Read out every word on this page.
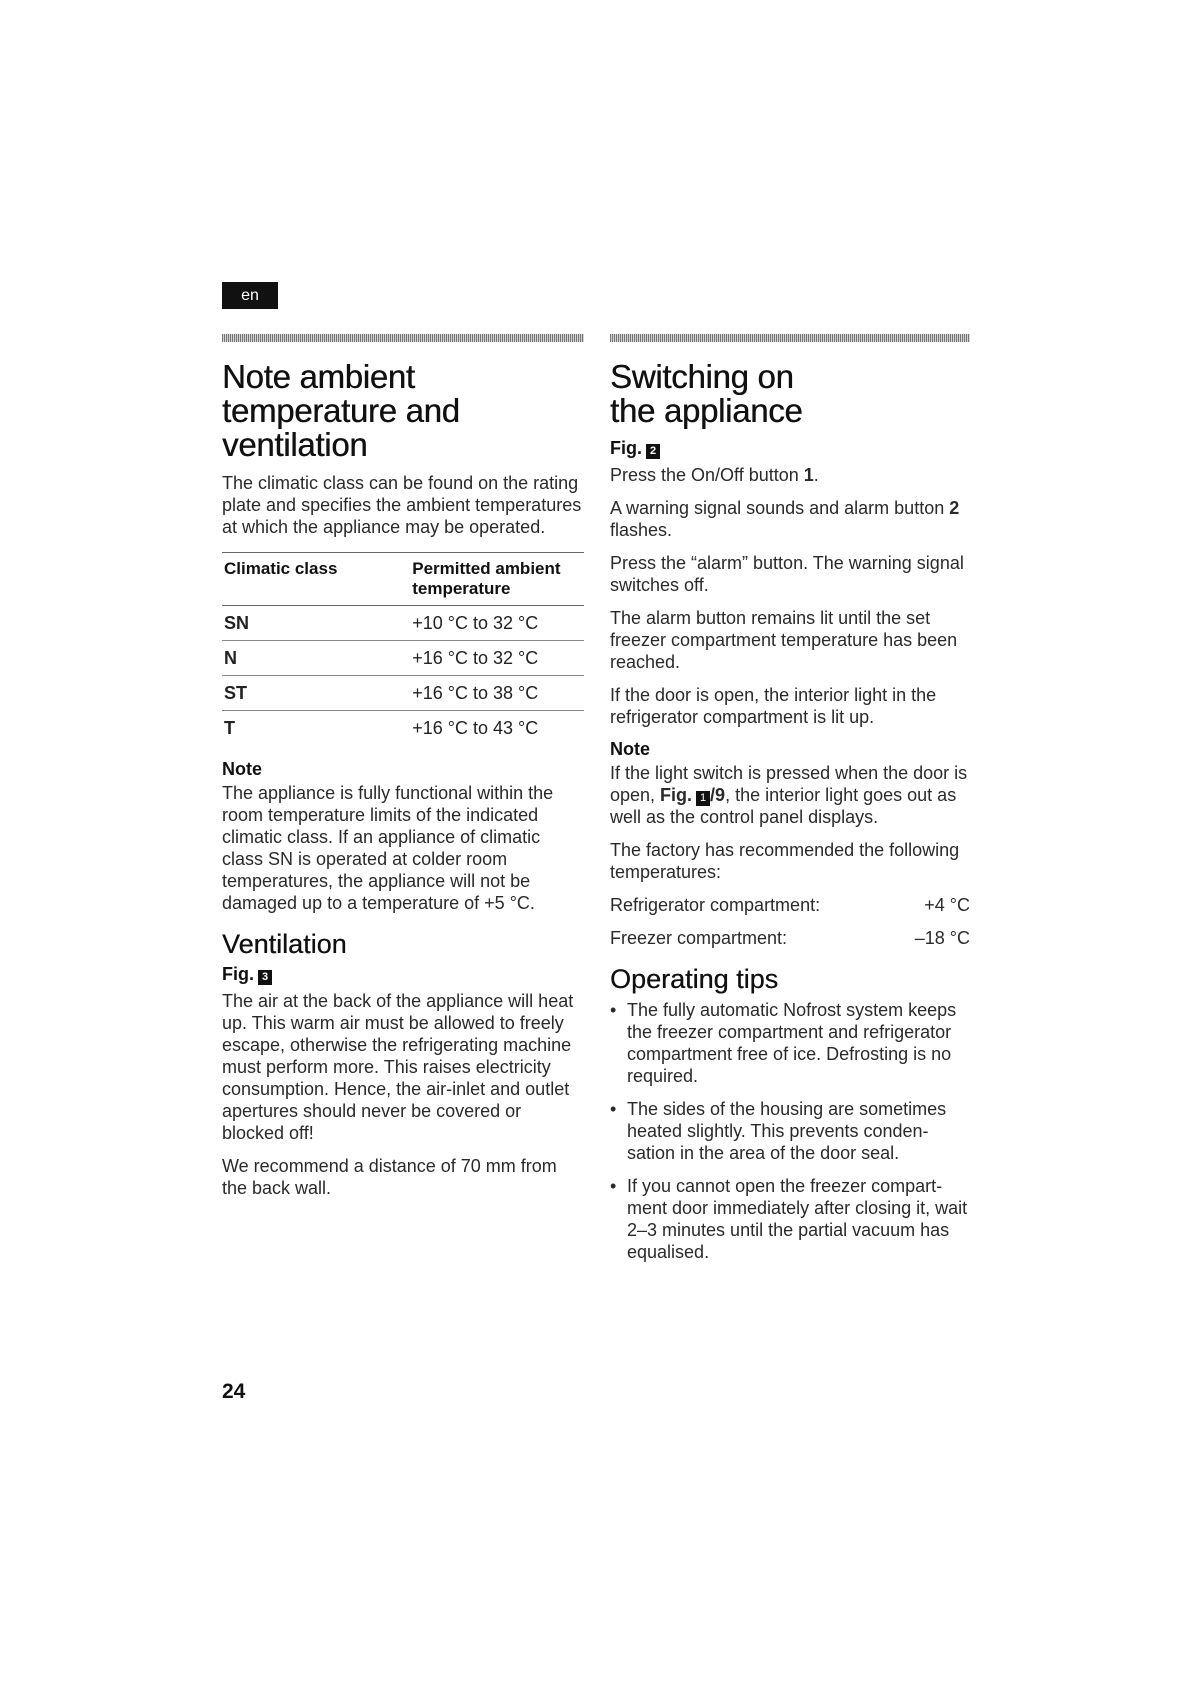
en
Note ambient temperature and ventilation

The climatic class can be found on the rating plate and specifies the ambient temperatures at which the appliance may be operated.

Climatic class	Permitted ambient temperature
SN	+10 °C to 32 °C
N	+16 °C to 32 °C
ST	+16 °C to 38 °C
T	+16 °C to 43 °C
Note

The appliance is fully functional within the room temperature limits of the indicated climatic class. If an appliance of climatic class SN is operated at colder room temperatures, the appliance will not be damaged up to a temperature of +5 °C.

Ventilation
Fig. 3

The air at the back of the appliance will heat up. This warm air must be allowed to freely escape, otherwise the refrigerating machine must perform more. This raises electricity consumption. Hence, the air-inlet and outlet apertures should never be covered or blocked off!

We recommend a distance of 70 mm from the back wall.

Switching on
the appliance
Fig. 2

Press the On/Off button 1.

A warning signal sounds and alarm button 2 flashes.

Press the “alarm” button. The warning signal switches off.

The alarm button remains lit until the set freezer compartment temperature has been reached.

If the door is open, the interior light in the refrigerator compartment is lit up.

Note

If the light switch is pressed when the door is open, Fig. 1 /9, the interior light goes out as well as the control panel displays.

The factory has recommended the following temperatures:

Refrigerator compartment:	+4 °C
Freezer compartment:	–18 °C
Operating tips
• The fully automatic Nofrost system keeps the freezer compartment and refrigerator compartment free of ice. Defrosting is no required.
• The sides of the housing are sometimes heated slightly. This prevents conden-sation in the area of the door seal.
• If you cannot open the freezer compart-ment door immediately after closing it, wait 2–3 minutes until the partial vacuum has equalised.
24
